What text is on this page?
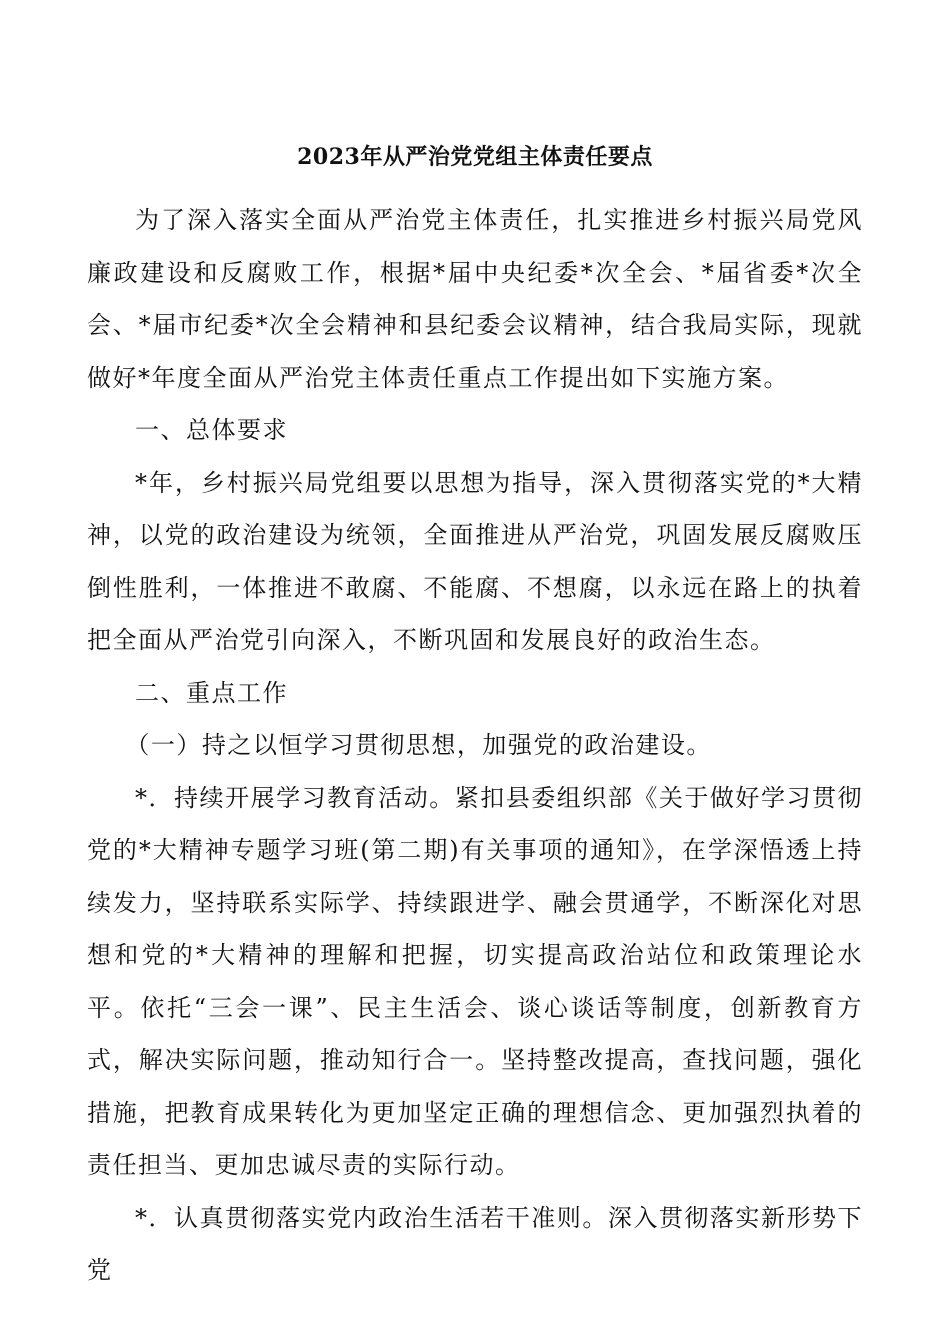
2023年从严治党党组主体责任要点

为了深入落实全面从严治党主体责任，扎实推进乡村振兴局党风廉政建设和反腐败工作，根据*届中央纪委*次全会、*届省委*次全会、*届市纪委*次全会精神和县纪委会议精神，结合我局实际，现就做好*年度全面从严治党主体责任重点工作提出如下实施方案。

一、总体要求

*年，乡村振兴局党组要以思想为指导，深入贯彻落实党的*大精神，以党的政治建设为统领，全面推进从严治党，巩固发展反腐败压倒性胜利，一体推进不敢腐、不能腐、不想腐，以永远在路上的执着把全面从严治党引向深入，不断巩固和发展良好的政治生态。

二、重点工作

（一）持之以恒学习贯彻思想，加强党的政治建设。

*．持续开展学习教育活动。紧扣县委组织部《关于做好学习贯彻党的*大精神专题学习班(第二期)有关事项的通知》，在学深悟透上持续发力，坚持联系实际学、持续跟进学、融会贯通学，不断深化对思想和党的*大精神的理解和把握，切实提高政治站位和政策理论水平。依托“三会一课”、民主生活会、谈心谈话等制度，创新教育方式，解决实际问题，推动知行合一。坚持整改提高，查找问题，强化措施，把教育成果转化为更加坚定正确的理想信念、更加强烈执着的责任担当、更加忠诚尽责的实际行动。

*．认真贯彻落实党内政治生活若干准则。深入贯彻落实新形势下党
